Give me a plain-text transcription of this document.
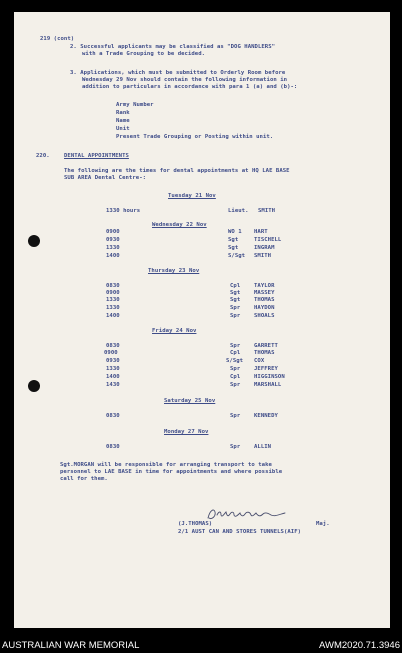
219 (cont)
2. Successful applicants may be classified as "DOG HANDLERS"
with a Trade Grouping to be decided.
3. Applications, which must be submitted to Orderly Room before
Wednesday 29 Nov should contain the following information in
addition to particulars in accordance with para 1 (a) and (b)-:
Army Number
Rank
Name
Unit
Present Trade Grouping or Posting within unit.
220.	DENTAL APPOINTMENTS
The following are the times for dental appointments at HQ LAE BASE
SUB AREA Dental Centre-:
Tuesday 21 Nov
1330 hours	Lieut. SMITH
Wednesday 22 Nov
0900	WO 1 HART
0930	Sgt	TISCHELL
1330	Sgt	INGRAM
1400	S/Sgt SMITH
Thursday 23 Nov
0830	Cpl TAYLOR
0900	Sgt MASSEY
1330	Sgt THOMAS
1330	Spr HAYDON
1400	Spr SHOALS
Friday 24 Nov
0830	Spr GARRETT
0900	Cpl THOMAS
0930	S/Sgt COX
1330	Spr JEFFREY
1400	Cpl HIGGINSON
1430	Spr MARSHALL
Saturday 25 Nov
0830	Spr KENNEDY
Monday 27 Nov
0830	Spr ALLIN
Sgt.MORGAN will be responsible for arranging transport to take
personnel to LAE BASE in time for appointments and where possible
call for them.
(J.THOMAS)	Maj.
2/1 AUST CAN AND STORES TUNNELS(AIF)
AUSTRALIAN WAR MEMORIAL	AWM2020.71.3946
